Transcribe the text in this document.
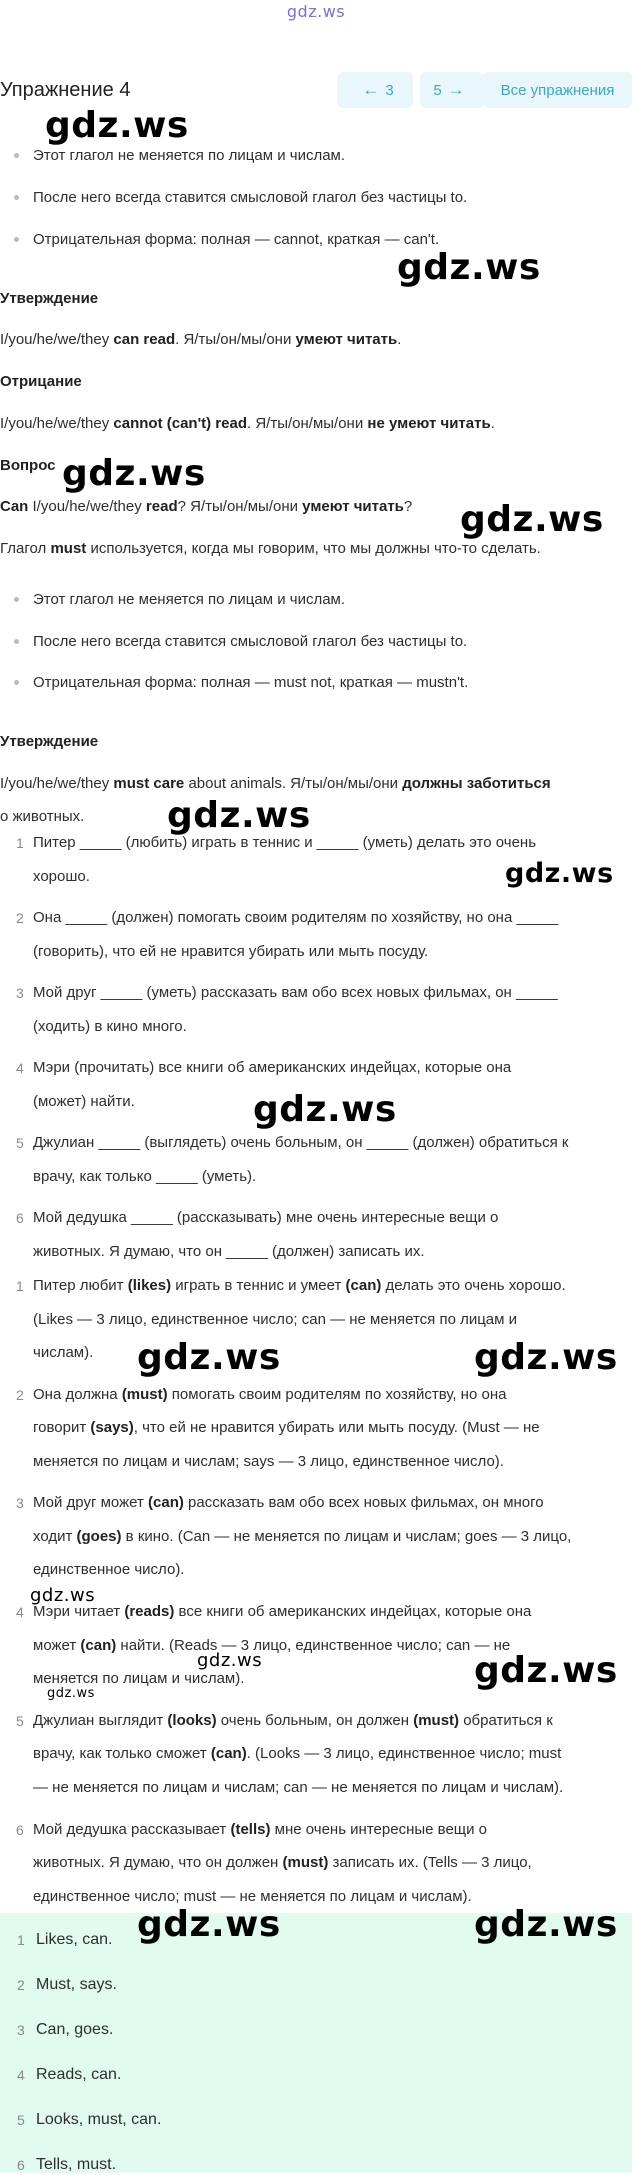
gdz.ws
Упражнение 4	← 3	5 → Все упражнения
Этот глагол не меняется по лицам и числам.
После него всегда ставится смысловой глагол без частицы to.
Отрицательная форма: полная — cannot, краткая — can't.
Утверждение
I/you/he/we/they can read. Я/ты/он/мы/они умеют читать.
Отрицание
I/you/he/we/they cannot (can't) read. Я/ты/он/мы/они не умеют читать.
Вопрос
Can I/you/he/we/they read? Я/ты/он/мы/они умеют читать?
Глагол must используется, когда мы говорим, что мы должны что-то сделать.
Этот глагол не меняется по лицам и числам.
После него всегда ставится смысловой глагол без частицы to.
Отрицательная форма: полная — must not, краткая — mustn't.
Утверждение
I/you/he/we/they must care about animals. Я/ты/он/мы/они должны заботиться
о животных.
1 Питер _____ (любить) играть в теннис и _____ (уметь) делать это очень
хорошо.
2 Она _____ (должен) помогать своим родителям по хозяйству, но она _____
(говорить), что ей не нравится убирать или мыть посуду.
3 Мой друг _____ (уметь) рассказать вам обо всех новых фильмах, он _____
(ходить) в кино много.
4 Мэри (прочитать) все книги об американских индейцах, которые она
(может) найти.
5 Джулиан _____ (выглядеть) очень больным, он _____ (должен) обратиться к
врачу, как только _____ (уметь).
6 Мой дедушка _____ (рассказывать) мне очень интересные вещи о
животных. Я думаю, что он _____ (должен) записать их.
1 Питер любит (likes) играть в теннис и умеет (can) делать это очень хорошо.
(Likes — 3 лицо, единственное число; can — не меняется по лицам и
числам).
2 Она должна (must) помогать своим родителям по хозяйству, но она
говорит (says), что ей не нравится убирать или мыть посуду. (Must — не
меняется по лицам и числам; says — 3 лицо, единственное число).
3 Мой друг может (can) рассказать вам обо всех новых фильмах, он много
ходит (goes) в кино. (Can — не меняется по лицам и числам; goes — 3 лицо,
единственное число).
4 Мэри читает (reads) все книги об американских индейцах, которые она
может (can) найти. (Reads — 3 лицо, единственное число; can — не
меняется по лицам и числам).
5 Джулиан выглядит (looks) очень больным, он должен (must) обратиться к
врачу, как только сможет (can). (Looks — 3 лицо, единственное число; must
— не меняется по лицам и числам; can — не меняется по лицам и числам).
6 Мой дедушка рассказывает (tells) мне очень интересные вещи о
животных. Я думаю, что он должен (must) записать их. (Tells — 3 лицо,
единственное число; must — не меняется по лицам и числам).
1 Likes, can.
2 Must, says.
3 Can, goes.
4 Reads, can.
5 Looks, must, can.
6 Tells, must.
gdz.ws
gdz.ws
gdz.ws
gdz.ws
gdz.ws
gdz.ws
gdz.ws
gdz.ws	gdz.ws
gdz.ws
gdz.ws
gdz.ws
gdz.ws
gdz.ws	gdz.ws
